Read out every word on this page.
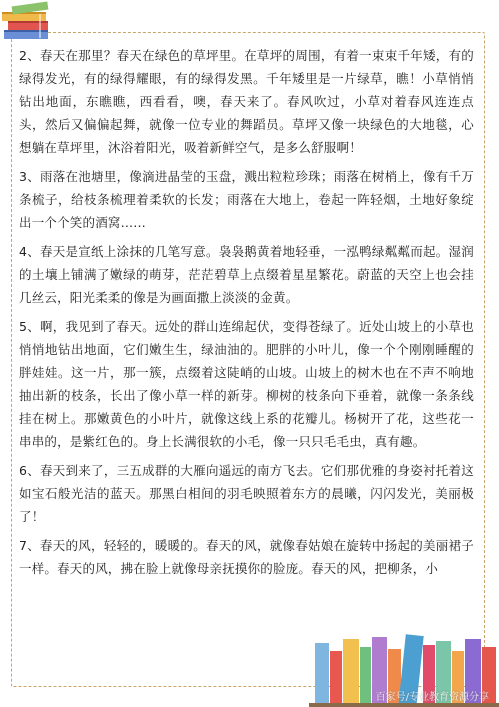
2、春天在那里？春天在绿色的草坪里。在草坪的周围，有着一束束千年矮，有的绿得发光，有的绿得耀眼，有的绿得发黑。千年矮里是一片绿草，瞧！小草悄悄钻出地面，东瞧瞧，西看看，噢，春天来了。春风吹过，小草对着春风连连点头，然后又偏偏起舞，就像一位专业的舞蹈员。草坪又像一块绿色的大地毯，心想躺在草坪里，沐浴着阳光，吸着新鲜空气，是多么舒服啊！

3、雨落在池塘里，像滴进晶莹的玉盘，溅出粒粒珍珠；雨落在树梢上，像有千万条梳子，给枝条梳理着柔软的长发；雨落在大地上，卷起一阵轻烟，土地好象绽出一个个笑的酒窝……

4、春天是宣纸上涂抹的几笔写意。袅袅鹅黄着地轻垂，一泓鸭绿粼粼而起。湿润的土壤上铺满了嫩绿的萌芽，茫茫碧草上点缀着星星繁花。蔚蓝的天空上也会挂几丝云，阳光柔柔的像是为画面撒上淡淡的金黄。

5、啊，我见到了春天。远处的群山连绵起伏，变得苍绿了。近处山坡上的小草也悄悄地钻出地面，它们嫩生生，绿油油的。肥胖的小叶儿，像一个个刚刚睡醒的胖娃娃。这一片，那一簇，点缀着这陡峭的山坡。山坡上的树木也在不声不响地抽出新的枝条，长出了像小草一样的新芽。柳树的枝条向下垂着，就像一条条线挂在树上。那嫩黄色的小叶片，就像这线上系的花瓣儿。杨树开了花，这些花一串串的，是紫红色的。身上长满很软的小毛，像一只只毛毛虫，真有趣。

6、春天到来了，三五成群的大雁向遥远的南方飞去。它们那优雅的身姿衬托着这如宝石般光洁的蓝天。那黑白相间的羽毛映照着东方的晨曦，闪闪发光，美丽极了！

7、春天的风，轻轻的，暖暖的。春天的风，就像春姑娘在旋转中扬起的美丽裙子一样。春天的风，拂在脸上就像母亲抚摸你的脸庞。春天的风，把柳条，小

百家号/专业教育资源分享
